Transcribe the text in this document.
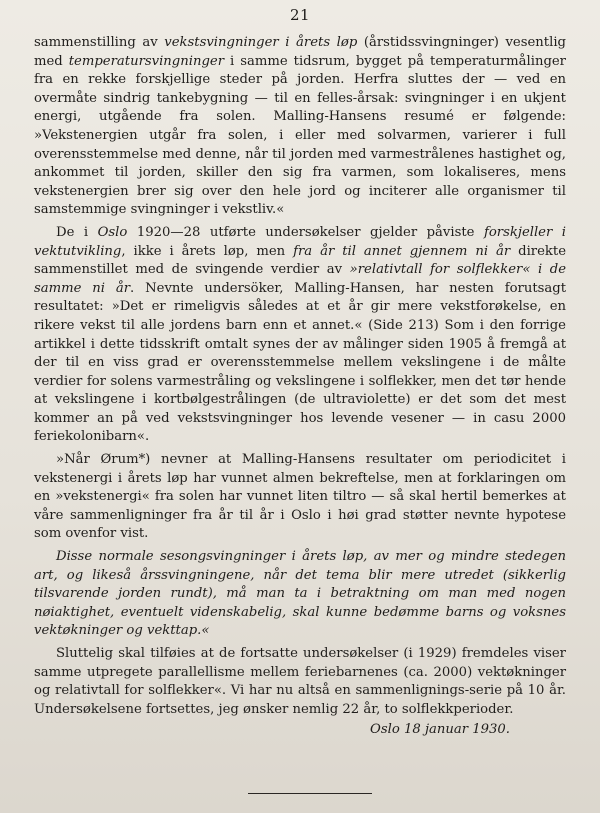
21

sammenstilling av vekstsvingninger i årets løp (årstidssvingninger) vesentlig med temperatursvingninger i samme tidsrum, bygget på temperaturmålinger fra en rekke forskjellige steder på jorden. Herfra sluttes der — ved en overmåte sindrig tankebygning — til en felles-årsak: svingninger i en ukjent energi, utgående fra solen. Malling-Hansens resumé er følgende: »Vekstenergien utgår fra solen, i eller med solvarmen, varierer i full overensstemmelse med denne, når til jorden med varmestrålenes hastighet og, ankommet til jorden, skiller den sig fra varmen, som lokaliseres, mens vekstenergien brer sig over den hele jord og inciterer alle organismer til samstemmige svingninger i vekstliv.«

De i Oslo 1920—28 utførte undersøkelser gjelder påviste forskjeller i vektutvikling, ikke i årets løp, men fra år til annet gjennem ni år direkte sammenstillet med de svingende verdier av »relativtall for solflekker« i de samme ni år. Nevnte undersöker, Malling-Hansen, har nesten forutsagt resultatet: »Det er rimeligvis således at et år gir mere vekstforøkelse, en rikere vekst til alle jordens barn enn et annet.« (Side 213) Som i den forrige artikkel i dette tidsskrift omtalt synes der av målinger siden 1905 å fremgå at der til en viss grad er overensstemmelse mellem vekslingene i de målte verdier for solens varmestråling og vekslingene i solflekker, men det tør hende at vekslingene i kortbølgestrålingen (de ultraviolette) er det som det mest kommer an på ved vekstsvingninger hos levende vesener — in casu 2000 feriekolonibarn«.

»Når Ørum*) nevner at Malling-Hansens resultater om periodicitet i vekstenergi i årets løp har vunnet almen bekreftelse, men at forklaringen om en »vekstenergi« fra solen har vunnet liten tiltro — så skal hertil bemerkes at våre sammenligninger fra år til år i Oslo i høi grad støtter nevnte hypotese som ovenfor vist.

Disse normale sesongsvingninger i årets løp, av mer og mindre stedegen art, og likeså årssvingningene, når det tema blir mere utredet (sikkerlig tilsvarende jorden rundt), må man ta i betraktning om man med nogen nøiaktighet, eventuelt videnskabelig, skal kunne bedømme barns og voksnes vektøkninger og vekttap.«

Sluttelig skal tilføies at de fortsatte undersøkelser (i 1929) fremdeles viser samme utpregete parallellisme mellem feriebarnenes (ca. 2000) vektøkninger og relativtall for solflekker«. Vi har nu altså en sammenlignings-serie på 10 år. Undersøkelsene fortsettes, jeg ønsker nemlig 22 år, to solflekkperioder.

Oslo 18 januar 1930.
